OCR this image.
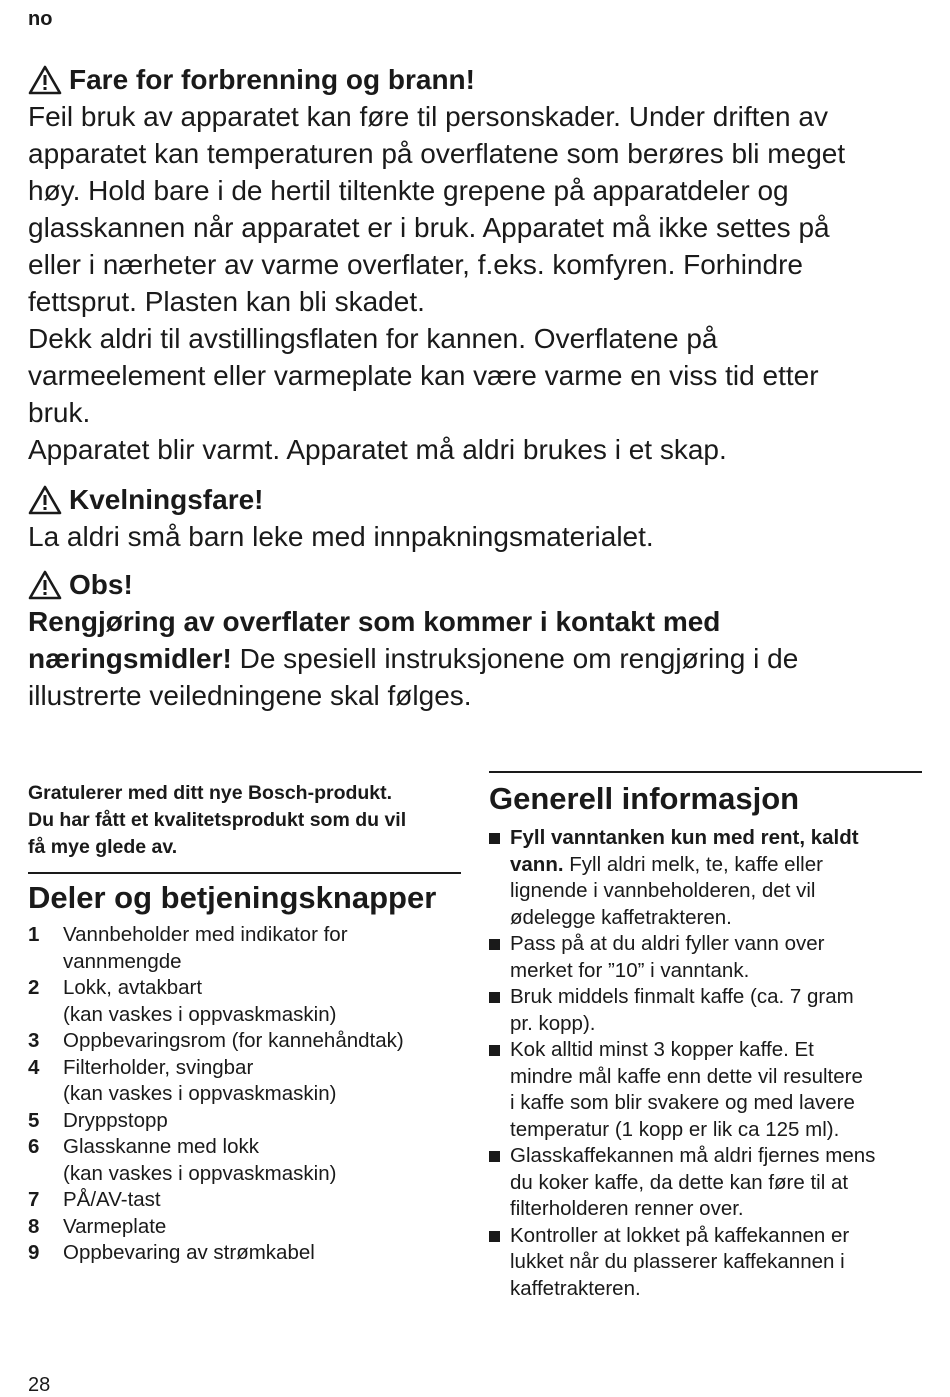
no
Fare for forbrenning og brann!
Feil bruk av apparatet kan føre til personskader. Under driften av
apparatet kan temperaturen på overflatene som berøres bli meget
høy. Hold bare i de hertil tiltenkte grepene på apparatdeler og
glasskannen når apparatet er i bruk. Apparatet må ikke settes på
eller i nærheter av varme overflater, f.eks. komfyren. Forhindre
fettsprut. Plasten kan bli skadet.
Dekk aldri til avstillingsflaten for kannen. Overflatene på
varmeelement eller varmeplate kan være varme en viss tid etter
bruk.
Apparatet blir varmt. Apparatet må aldri brukes i et skap.
Kvelningsfare!
La aldri små barn leke med innpakningsmaterialet.
Obs!
Rengjøring av overflater som kommer i kontakt med
næringsmidler! De spesiell instruksjonene om rengjøring i de
illustrerte veiledningene skal følges.
Gratulerer med ditt nye Bosch-produkt.
Du har fått et kvalitetsprodukt som du vil
få mye glede av.
Deler og betjeningsknapper
1	Vannbeholder med indikator for
vannmengde
2	Lokk, avtakbart
(kan vaskes i oppvaskmaskin)
3	Oppbevaringsrom (for kannehåndtak)
4	Filterholder, svingbar
(kan vaskes i oppvaskmaskin)
5	Dryppstopp
6	Glasskanne med lokk
(kan vaskes i oppvaskmaskin)
7	PÅ/AV-tast
8	Varmeplate
9	Oppbevaring av strømkabel
Generell informasjon
Fyll vanntanken kun med rent, kaldt
vann. Fyll aldri melk, te, kaffe eller
lignende i vannbeholderen, det vil
ødelegge kaffetrakteren.
Pass på at du aldri fyller vann over
merket for ”10” i vanntank.
Bruk middels finmalt kaffe (ca. 7 gram
pr. kopp).
Kok alltid minst 3 kopper kaffe. Et
mindre mål kaffe enn dette vil resultere
i kaffe som blir svakere og med lavere
temperatur (1 kopp er lik ca 125 ml).
Glasskaffekannen må aldri fjernes mens
du koker kaffe, da dette kan føre til at
filterholderen renner over.
Kontroller at lokket på kaffekannen er
lukket når du plasserer kaffekannen i
kaffetrakteren.
28
